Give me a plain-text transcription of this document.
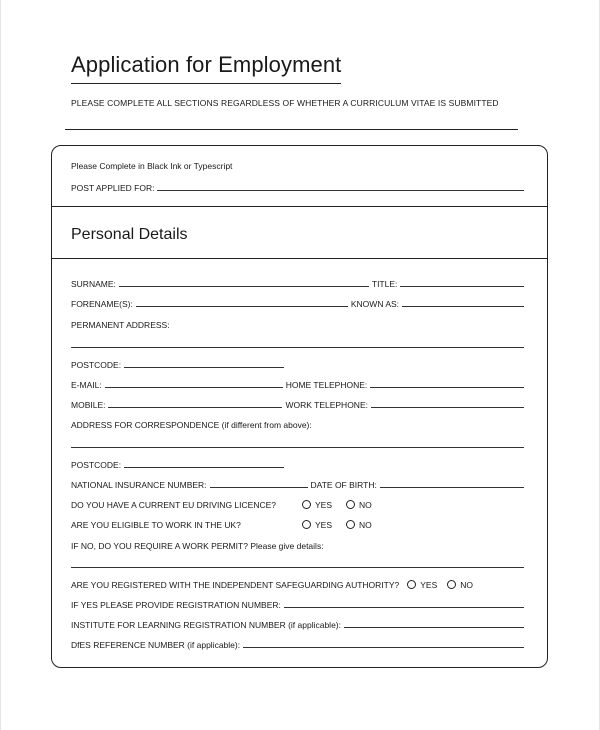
Application for Employment
PLEASE COMPLETE ALL SECTIONS REGARDLESS OF WHETHER A CURRICULUM VITAE IS SUBMITTED
Please Complete in Black Ink or Typescript
POST APPLIED FOR:
Personal Details
SURNAME:	TITLE:
FORENAME(S):	KNOWN AS:
PERMANENT ADDRESS:
POSTCODE:
E-MAIL:	HOME TELEPHONE:
MOBILE:	WORK TELEPHONE:
ADDRESS FOR CORRESPONDENCE (if different from above):
POSTCODE:
NATIONAL INSURANCE NUMBER:	DATE OF BIRTH:
DO YOU HAVE A CURRENT EU DRIVING LICENCE?	YES	NO
ARE YOU ELIGIBLE TO WORK IN THE UK?	YES	NO
IF NO, DO YOU REQUIRE A WORK PERMIT? Please give details:
ARE YOU REGISTERED WITH THE INDEPENDENT SAFEGUARDING AUTHORITY? YES	NO
IF YES PLEASE PROVIDE REGISTRATION NUMBER:
INSTITUTE FOR LEARNING REGISTRATION NUMBER (if applicable):
DfES REFERENCE NUMBER (if applicable):
